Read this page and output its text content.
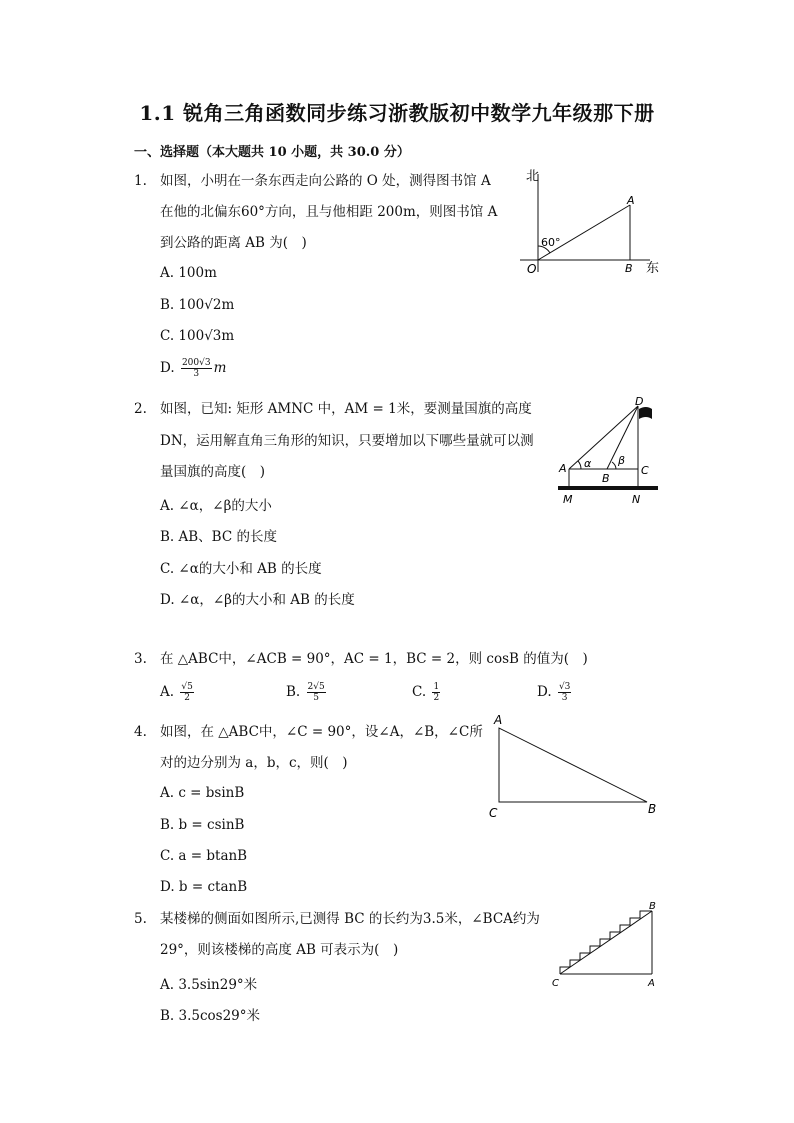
1.1 锐角三角函数同步练习浙教版初中数学九年级那下册
一、选择题（本大题共 10 小题，共 30.0 分）
1. 如图，小明在一条东西走向公路的 O 处，测得图书馆 A
在他的北偏东60°方向，且与他相距 200m，则图书馆 A
到公路的距离 AB 为(　)
A. 100m
B. 100√2m
C. 100√3m
D. $\frac{200√3}{3}$ m
北
东
O
A
B
60°
2. 如图，已知: 矩形 AMNC 中，AM = 1米，要测量国旗的高度
DN，运用解直角三角形的知识，只要增加以下哪些量就可以测
量国旗的高度(　)
A. ∠α，∠β的大小
B. AB、BC 的长度
C. ∠α的大小和 AB 的长度
D. ∠α，∠β的大小和 AB 的长度
D
A
B
C
M	N
α β
3. 在 △ABC中，∠ACB = 90°，AC = 1，BC = 2，则 cosB 的值为(　)
A. $\frac{√5}{2}$	B. $\frac{2√5}{5}$	C. $\frac{1}{2}$	D. $\frac{√3}{3}$
4. 如图，在 △ABC中，∠C = 90°，设∠A，∠B，∠C所
对的边分别为 a，b，c，则(　)
A. c = bsinB
B. b = csinB
C. a = btanB
D. b = ctanB
A
C	B
5. 某楼梯的侧面如图所示,已测得 BC 的长约为3.5米，∠BCA约为
29°，则该楼梯的高度 AB 可表示为(　)
A. 3.5sin29°米
B. 3.5cos29°米
B
C	A
